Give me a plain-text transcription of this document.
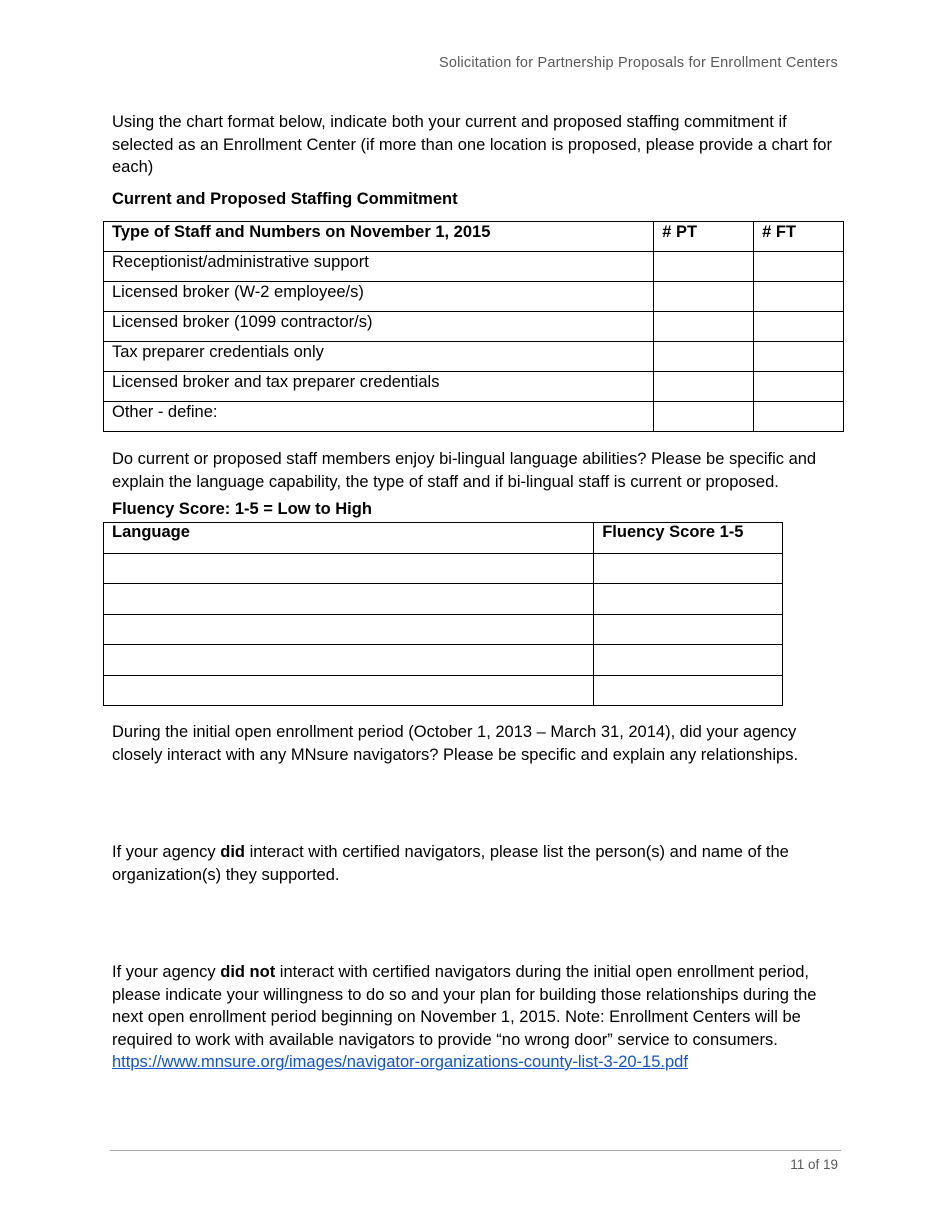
Solicitation for Partnership Proposals for Enrollment Centers
Using the chart format below, indicate both your current and proposed staffing commitment if selected as an Enrollment Center (if more than one location is proposed, please provide a chart for each)
Current and Proposed Staffing Commitment
Type of Staff and Numbers on November 1, 2015	# PT	# FT
Receptionist/administrative support		
Licensed broker (W-2 employee/s)		
Licensed broker (1099 contractor/s)		
Tax preparer credentials only		
Licensed broker and tax preparer credentials		
Other - define:		
Do current or proposed staff members enjoy bi-lingual language abilities? Please be specific and explain the language capability, the type of staff and if bi-lingual staff is current or proposed.
Fluency Score: 1-5 = Low to High
Language	Fluency Score 1-5

During the initial open enrollment period (October 1, 2013 – March 31, 2014), did your agency closely interact with any MNsure navigators? Please be specific and explain any relationships.
If your agency did interact with certified navigators, please list the person(s) and name of the organization(s) they supported.
If your agency did not interact with certified navigators during the initial open enrollment period, please indicate your willingness to do so and your plan for building those relationships during the next open enrollment period beginning on November 1, 2015. Note: Enrollment Centers will be required to work with available navigators to provide “no wrong door” service to consumers.
https://www.mnsure.org/images/navigator-organizations-county-list-3-20-15.pdf
11 of 19
